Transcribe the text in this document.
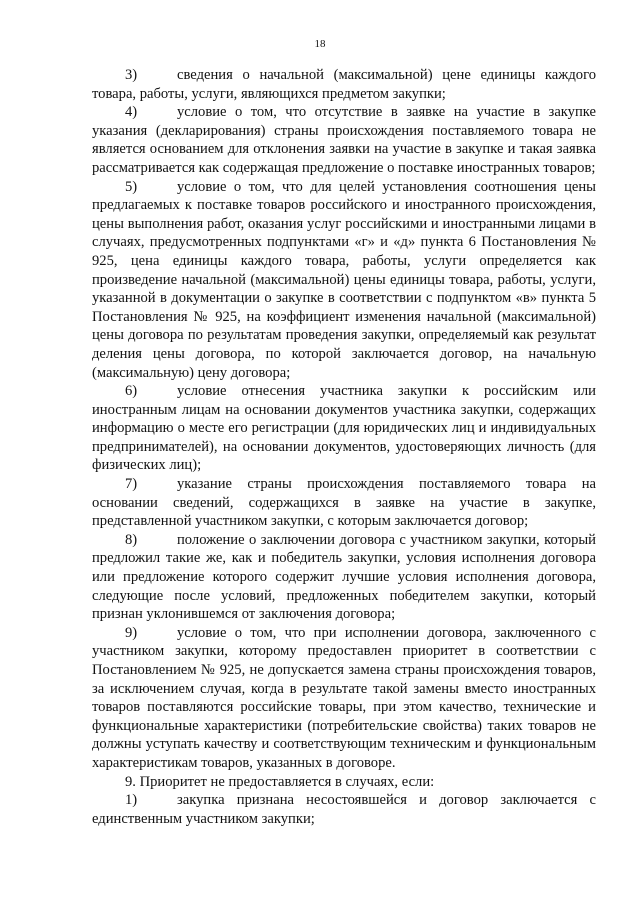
18

3)	сведения о начальной (максимальной) цене единицы каждого товара, работы, услуги, являющихся предметом закупки;

4)	условие о том, что отсутствие в заявке на участие в закупке указания (декларирования) страны происхождения поставляемого товара не является основанием для отклонения заявки на участие в закупке и такая заявка рассматривается как содержащая предложение о поставке иностранных товаров;

5)	условие о том, что для целей установления соотношения цены предлагаемых к поставке товаров российского и иностранного происхождения, цены выполнения работ, оказания услуг российскими и иностранными лицами в случаях, предусмотренных подпунктами «г» и «д» пункта 6 Постановления № 925, цена единицы каждого товара, работы, услуги определяется как произведение начальной (максимальной) цены единицы товара, работы, услуги, указанной в документации о закупке в соответствии с подпунктом «в» пункта 5 Постановления № 925, на коэффициент изменения начальной (максимальной) цены договора по результатам проведения закупки, определяемый как результат деления цены договора, по которой заключается договор, на начальную (максимальную) цену договора;

6)	условие отнесения участника закупки к российским или иностранным лицам на основании документов участника закупки, содержащих информацию о месте его регистрации (для юридических лиц и индивидуальных предпринимателей), на основании документов, удостоверяющих личность (для физических лиц);

7)	указание страны происхождения поставляемого товара на основании сведений, содержащихся в заявке на участие в закупке, представленной участником закупки, с которым заключается договор;

8)	положение о заключении договора с участником закупки, который предложил такие же, как и победитель закупки, условия исполнения договора или предложение которого содержит лучшие условия исполнения договора, следующие после условий, предложенных победителем закупки, который признан уклонившемся от заключения договора;

9)	условие о том, что при исполнении договора, заключенного с участником закупки, которому предоставлен приоритет в соответствии с Постановлением № 925, не допускается замена страны происхождения товаров, за исключением случая, когда в результате такой замены вместо иностранных товаров поставляются российские товары, при этом качество, технические и функциональные характеристики (потребительские свойства) таких товаров не должны уступать качеству и соответствующим техническим и функциональным характеристикам товаров, указанных в договоре.

9. Приоритет не предоставляется в случаях, если:

1)	закупка признана несостоявшейся и договор заключается с единственным участником закупки;
